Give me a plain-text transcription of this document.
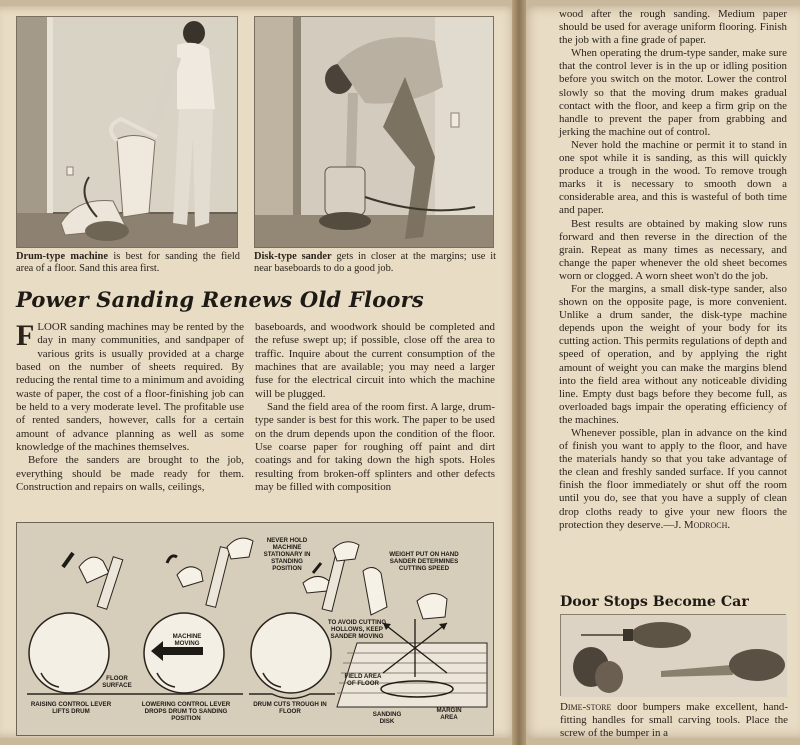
Drum-type machine is best for sanding the field area of a floor. Sand this area first.
Disk-type sander gets in closer at the margins; use it near baseboards to do a good job.
Power Sanding Renews Old Floors

FLOOR sanding machines may be rented by the day in many communities, and sandpaper of various grits is usually provided at a charge based on the number of sheets required. By reducing the rental time to a minimum and avoiding waste of paper, the cost of a floor-finishing job can be held to a very moderate level. The profitable use of rented sanders, however, calls for a certain amount of advance planning as well as some knowledge of the machines themselves.

Before the sanders are brought to the job, everything should be made ready for them. Construction and repairs on walls, ceilings,

baseboards, and woodwork should be completed and the refuse swept up; if possible, close off the area to traffic. Inquire about the current consumption of the machines that are available; you may need a larger fuse for the electrical circuit into which the machine will be plugged.

Sand the field area of the room first. A large, drum-type sander is best for this work. The paper to be used on the drum depends upon the condition of the floor. Use coarse paper for roughing off paint and dirt coatings and for taking down the high spots. Holes resulting from broken-off splinters and other defects may be filled with composition

NEVER HOLD MACHINE STATIONARY IN STANDING POSITION
WEIGHT PUT ON HAND SANDER DETERMINES CUTTING SPEED
MACHINE MOVING
FLOOR SURFACE
TO AVOID CUTTING HOLLOWS, KEEP SANDER MOVING
FIELD AREA OF FLOOR
RAISING CONTROL LEVER LIFTS DRUM
LOWERING CONTROL LEVER DROPS DRUM TO SANDING POSITION
DRUM CUTS TROUGH IN FLOOR	SANDING DISK
MARGIN AREA

wood after the rough sanding. Medium paper should be used for average uniform flooring. Finish the job with a fine grade of paper.

When operating the drum-type sander, make sure that the control lever is in the up or idling position before you switch on the motor. Lower the control slowly so that the moving drum makes gradual contact with the floor, and keep a firm grip on the handle to prevent the paper from grabbing and jerking the machine out of control.

Never hold the machine or permit it to stand in one spot while it is sanding, as this will quickly produce a trough in the wood. To remove trough marks it is necessary to smooth down a considerable area, and this is wasteful of both time and paper.

Best results are obtained by making slow runs forward and then reverse in the direction of the grain. Repeat as many times as necessary, and change the paper whenever the old sheet becomes worn or clogged. A worn sheet won't do the job.

For the margins, a small disk-type sander, also shown on the opposite page, is more convenient. Unlike a drum sander, the disk-type machine depends upon the weight of your body for its cutting action. This permits regulations of depth and speed of operation, and by applying the right amount of weight you can make the margins blend into the field area without any noticeable dividing line. Empty dust bags before they become full, as overloaded bags impair the operating efficiency of the machines.

Whenever possible, plan in advance on the kind of finish you want to apply to the floor, and have the materials handy so that you take advantage of the clean and freshly sanded surface. If you cannot finish the floor immediately or shut off the room until you do, see that you have a supply of clean drop cloths ready to give your new floors the protection they deserve.—J. Modroch.

Door Stops Become Car
Dime-store door bumpers make excellent, hand-fitting handles for small carving tools. Place the screw of the bumper in a
